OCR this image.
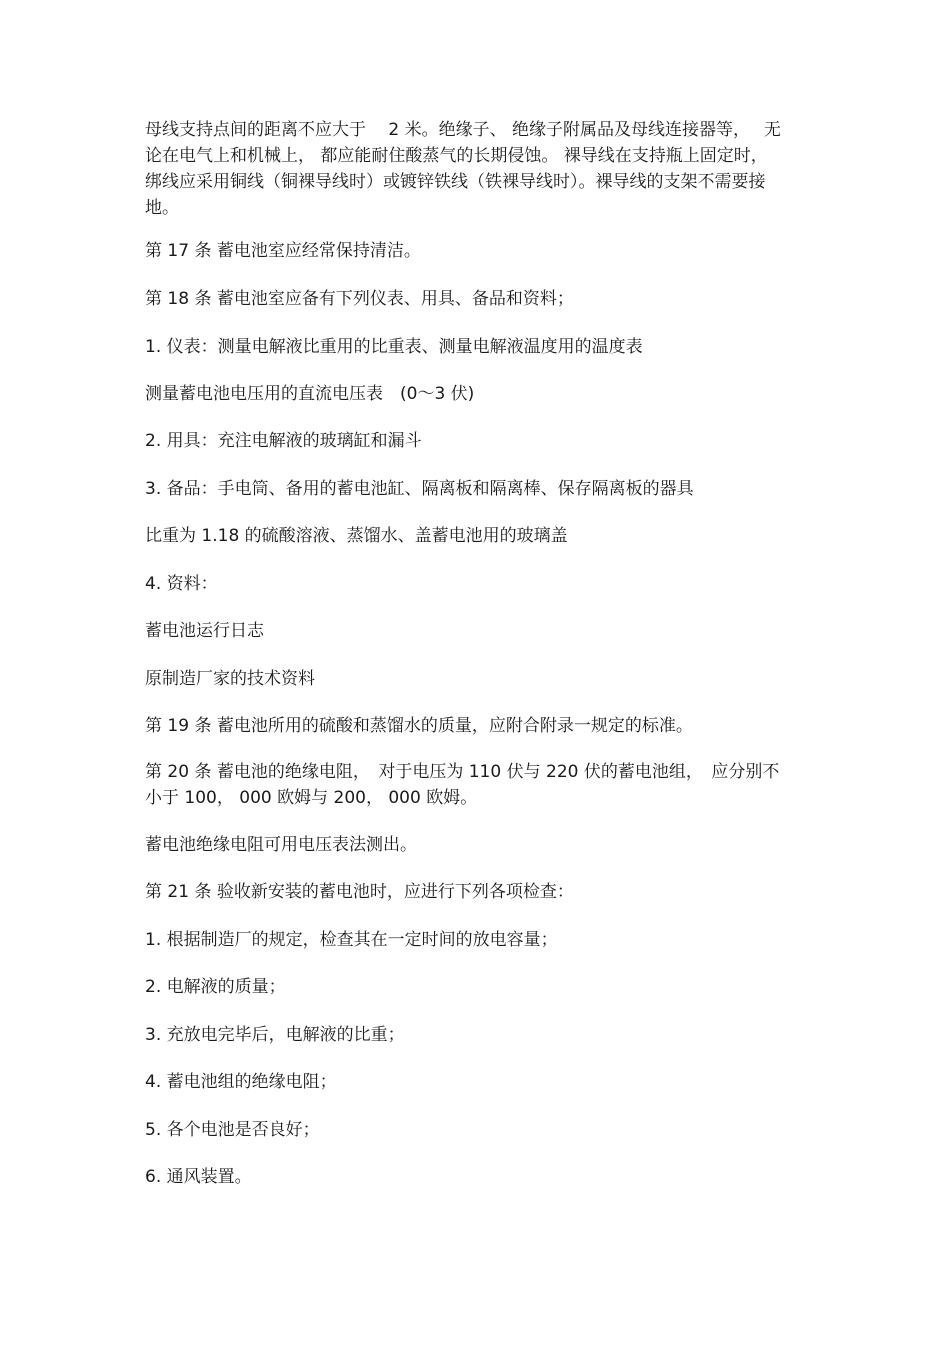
母线支持点间的距离不应大于　 2 米。绝缘子、 绝缘子附属品及母线连接器等，　 无
论在电气上和机械上， 都应能耐住酸蒸气的长期侵蚀。 裸导线在支持瓶上固定时，
绑线应采用铜线（铜裸导线时）或镀锌铁线（铁裸导线时）。裸导线的支架不需要接
地。

第 17 条 蓄电池室应经常保持清洁。

第 18 条 蓄电池室应备有下列仪表、用具、备品和资料；

1. 仪表：测量电解液比重用的比重表、测量电解液温度用的温度表

测量蓄电池电压用的直流电压表　(0～3 伏)

2. 用具：充注电解液的玻璃缸和漏斗

3. 备品：手电筒、备用的蓄电池缸、隔离板和隔离棒、保存隔离板的器具

比重为 1.18 的硫酸溶液、蒸馏水、盖蓄电池用的玻璃盖

4. 资料：

蓄电池运行日志

原制造厂家的技术资料

第 19 条 蓄电池所用的硫酸和蒸馏水的质量，应附合附录一规定的标准。

第 20 条 蓄电池的绝缘电阻，　对于电压为 110 伏与 220 伏的蓄电池组，　应分别不
小于 100， 000 欧姆与 200， 000 欧姆。

蓄电池绝缘电阻可用电压表法测出。

第 21 条 验收新安装的蓄电池时，应进行下列各项检查：

1. 根据制造厂的规定，检查其在一定时间的放电容量；

2. 电解液的质量；

3. 充放电完毕后，电解液的比重；

4. 蓄电池组的绝缘电阻；

5. 各个电池是否良好；

6. 通风装置。
